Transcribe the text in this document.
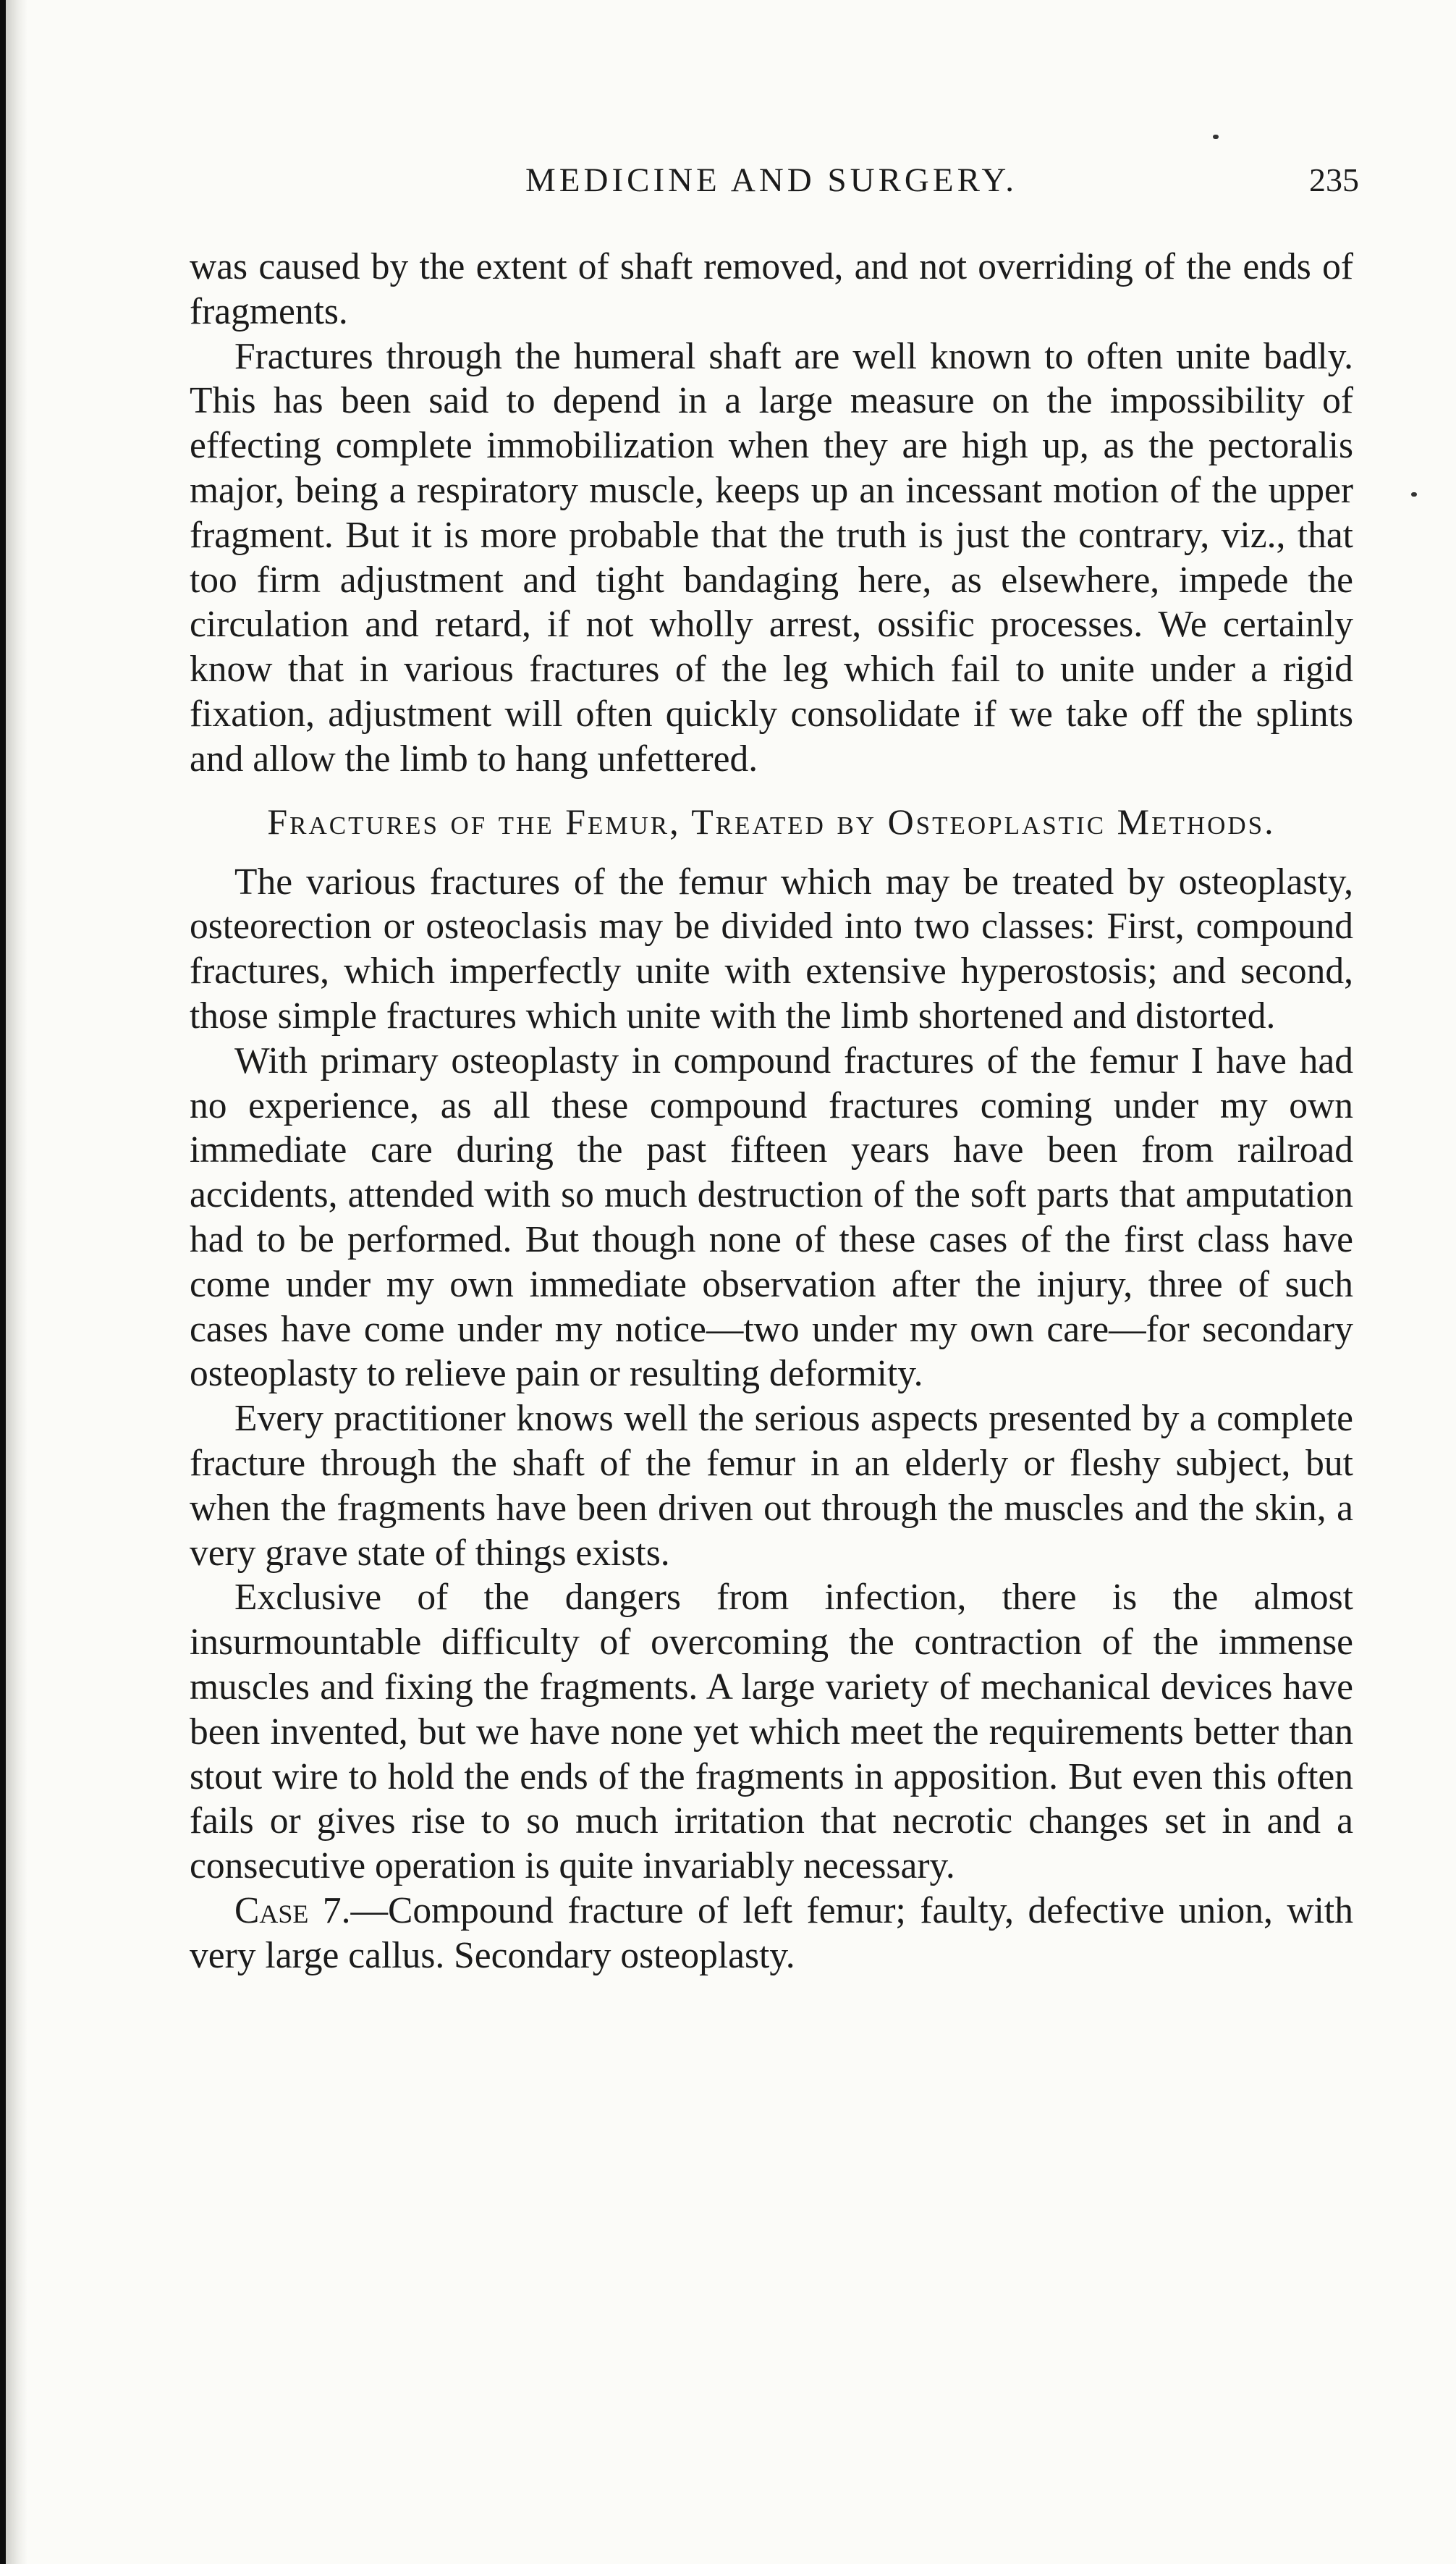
MEDICINE AND SURGERY.	235

was caused by the extent of shaft removed, and not overriding of the ends of fragments.

Fractures through the humeral shaft are well known to often unite badly. This has been said to depend in a large measure on the impossibility of effecting complete immobilization when they are high up, as the pectoralis major, being a respiratory muscle, keeps up an incessant motion of the upper fragment. But it is more probable that the truth is just the contrary, viz., that too firm adjustment and tight bandaging here, as elsewhere, impede the circulation and retard, if not wholly arrest, ossific processes. We certainly know that in various fractures of the leg which fail to unite under a rigid fixation, adjustment will often quickly consolidate if we take off the splints and allow the limb to hang unfettered.

Fractures of the Femur, Treated by Osteoplastic Methods.

The various fractures of the femur which may be treated by osteoplasty, osteorection or osteoclasis may be divided into two classes: First, compound fractures, which imperfectly unite with extensive hyperostosis; and second, those simple fractures which unite with the limb shortened and distorted.

With primary osteoplasty in compound fractures of the femur I have had no experience, as all these compound fractures coming under my own immediate care during the past fifteen years have been from railroad accidents, attended with so much destruction of the soft parts that amputation had to be performed. But though none of these cases of the first class have come under my own immediate observation after the injury, three of such cases have come under my notice—two under my own care—for secondary osteoplasty to relieve pain or resulting deformity.

Every practitioner knows well the serious aspects presented by a complete fracture through the shaft of the femur in an elderly or fleshy subject, but when the fragments have been driven out through the muscles and the skin, a very grave state of things exists.

Exclusive of the dangers from infection, there is the almost insurmountable difficulty of overcoming the contraction of the immense muscles and fixing the fragments. A large variety of mechanical devices have been invented, but we have none yet which meet the requirements better than stout wire to hold the ends of the fragments in apposition. But even this often fails or gives rise to so much irritation that necrotic changes set in and a consecutive operation is quite invariably necessary.

Case 7.—Compound fracture of left femur; faulty, defective union, with very large callus. Secondary osteoplasty.
